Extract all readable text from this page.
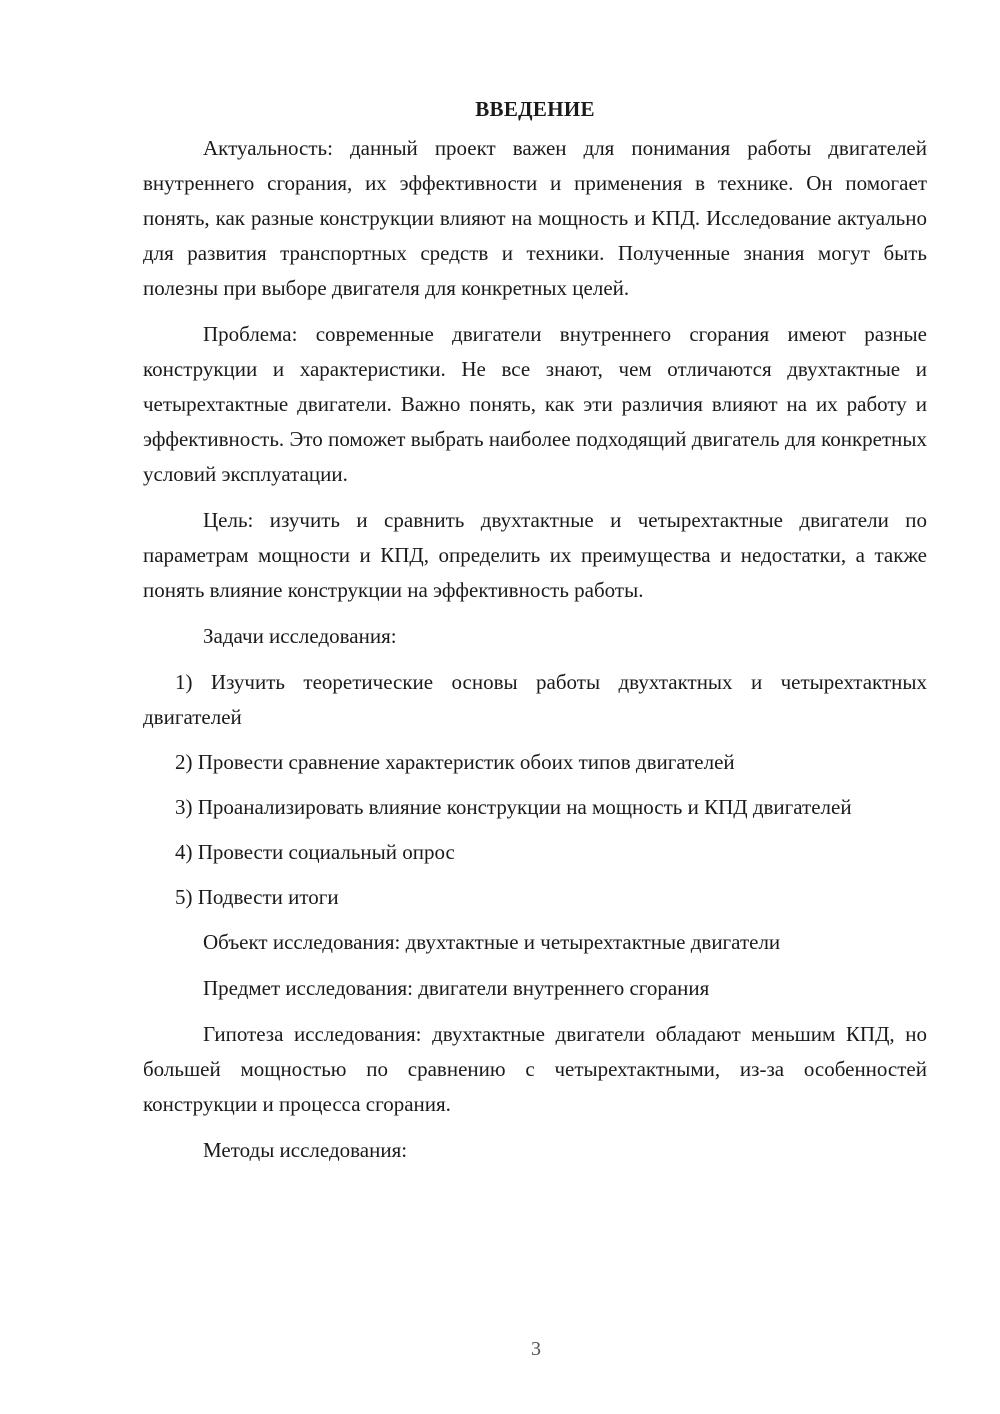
ВВЕДЕНИЕ

Актуальность: данный проект важен для понимания работы двигателей внутреннего сгорания, их эффективности и применения в технике. Он помогает понять, как разные конструкции влияют на мощность и КПД. Исследование актуально для развития транспортных средств и техники. Полученные знания могут быть полезны при выборе двигателя для конкретных целей.

Проблема: современные двигатели внутреннего сгорания имеют разные конструкции и характеристики. Не все знают, чем отличаются двухтактные и четырехтактные двигатели. Важно понять, как эти различия влияют на их работу и эффективность. Это поможет выбрать наиболее подходящий двигатель для конкретных условий эксплуатации.

Цель: изучить и сравнить двухтактные и четырехтактные двигатели по параметрам мощности и КПД, определить их преимущества и недостатки, а также понять влияние конструкции на эффективность работы.

Задачи исследования:

1) Изучить теоретические основы работы двухтактных и четырехтактных двигателей

2) Провести сравнение характеристик обоих типов двигателей

3) Проанализировать влияние конструкции на мощность и КПД двигателей

4) Провести социальный опрос

5) Подвести итоги

Объект исследования: двухтактные и четырехтактные двигатели

Предмет исследования: двигатели внутреннего сгорания

Гипотеза исследования: двухтактные двигатели обладают меньшим КПД, но большей мощностью по сравнению с четырехтактными, из-за особенностей конструкции и процесса сгорания.

Методы исследования:

3
